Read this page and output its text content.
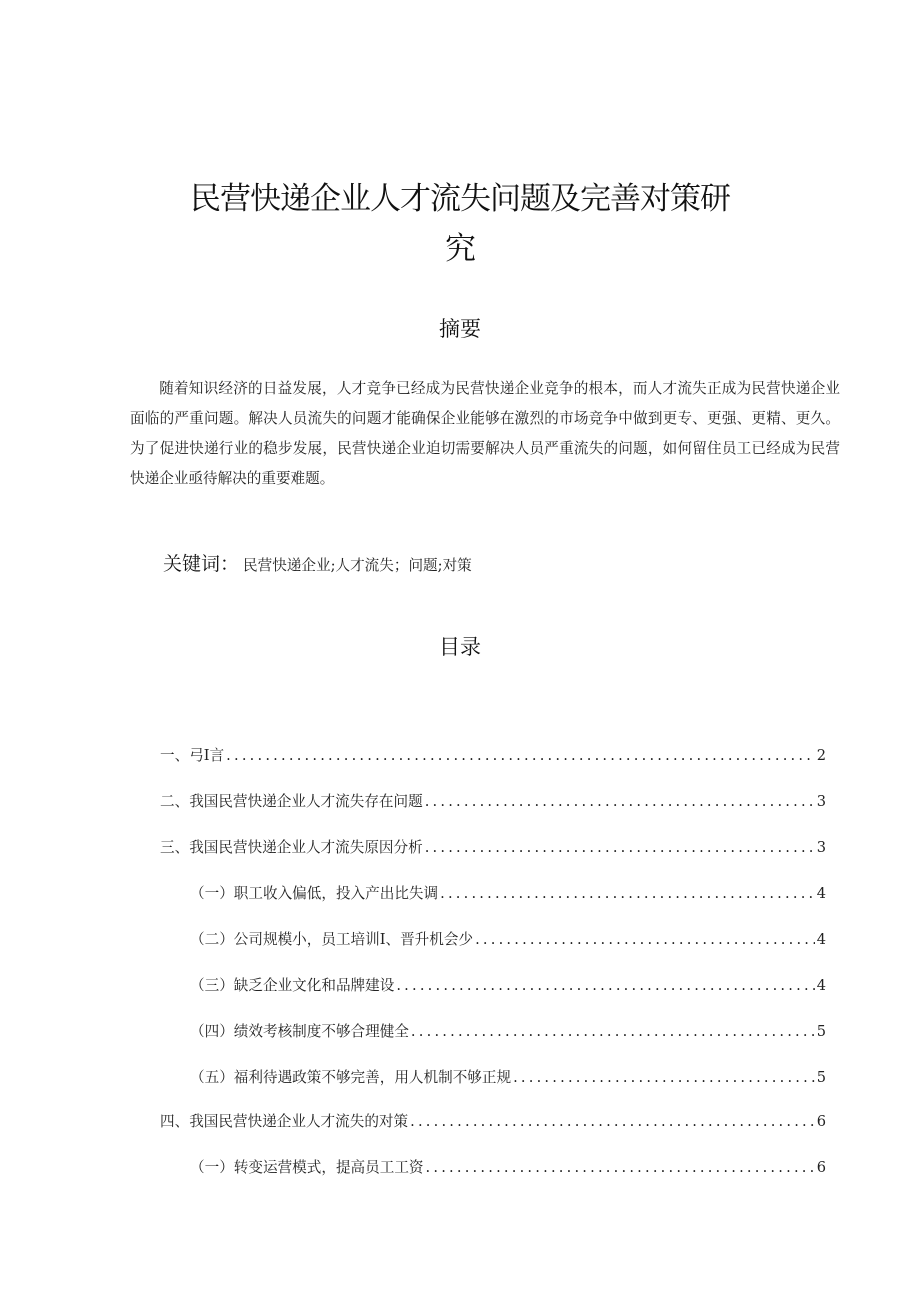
民营快递企业人才流失问题及完善对策研
究
摘要

随着知识经济的日益发展，人才竞争已经成为民营快递企业竞争的根本，而人才流失正成为民营快递企业面临的严重问题。解决人员流失的问题才能确保企业能够在激烈的市场竞争中做到更专、更强、更精、更久。为了促进快递行业的稳步发展，民营快递企业迫切需要解决人员严重流失的问题，如何留住员工已经成为民营快递企业亟待解决的重要难题。

关键词： 民营快递企业;人才流失；问题;对策
目录
一、弓I言 .....	2
二、我国民营快递企业人才流失存在问题 .....	3
三、我国民营快递企业人才流失原因分析 .....	3
（一）职工收入偏低，投入产出比失调 .....	4
（二）公司规模小，员工培训I、晋升机会少 .....	4
（三）缺乏企业文化和品牌建设 .....	4
（四）绩效考核制度不够合理健全 .....	5
（五）福利待遇政策不够完善，用人机制不够正规 .....	5
四、我国民营快递企业人才流失的对策 .....	6
（一）转变运营模式，提高员工工资 .....	6
